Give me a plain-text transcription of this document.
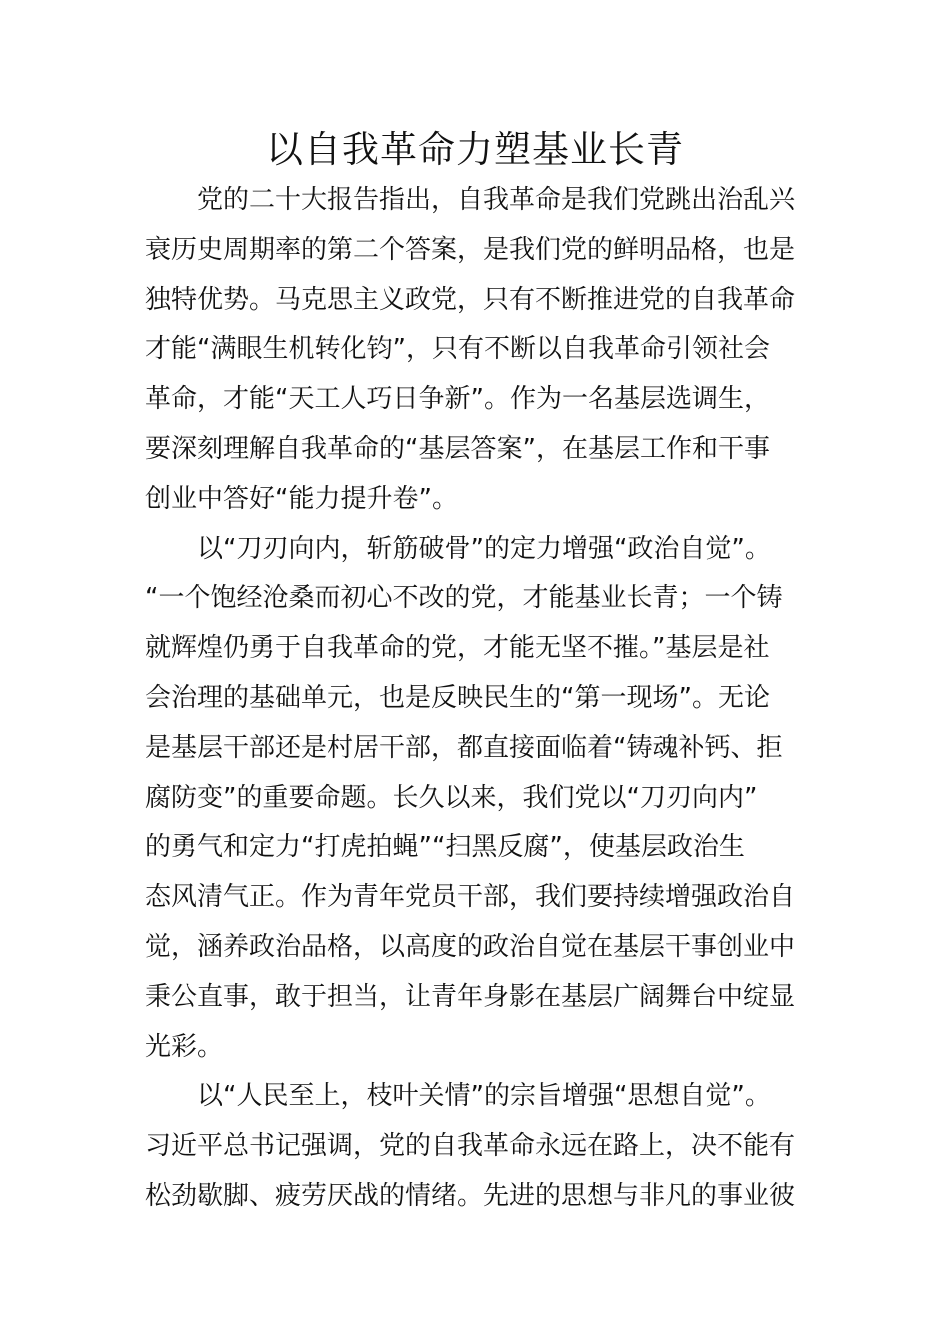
以自我革命力塑基业长青
　　党的二十大报告指出，自我革命是我们党跳出治乱兴
衰历史周期率的第二个答案，是我们党的鲜明品格，也是
独特优势。马克思主义政党，只有不断推进党的自我革命
才能“满眼生机转化钧”，只有不断以自我革命引领社会
革命，才能“天工人巧日争新”。作为一名基层选调生，
要深刻理解自我革命的“基层答案”，在基层工作和干事
创业中答好“能力提升卷”。
　　以“刀刃向内，斩筋破骨”的定力增强“政治自觉”。
“一个饱经沧桑而初心不改的党，才能基业长青；一个铸
就辉煌仍勇于自我革命的党，才能无坚不摧。”基层是社
会治理的基础单元，也是反映民生的“第一现场”。无论
是基层干部还是村居干部，都直接面临着“铸魂补钙、拒
腐防变”的重要命题。长久以来，我们党以“刀刃向内”
的勇气和定力“打虎拍蝇”“扫黑反腐”，使基层政治生
态风清气正。作为青年党员干部，我们要持续增强政治自
觉，涵养政治品格，以高度的政治自觉在基层干事创业中
秉公直事，敢于担当，让青年身影在基层广阔舞台中绽显
光彩。
　　以“人民至上，枝叶关情”的宗旨增强“思想自觉”。
习近平总书记强调，党的自我革命永远在路上，决不能有
松劲歇脚、疲劳厌战的情绪。先进的思想与非凡的事业彼
